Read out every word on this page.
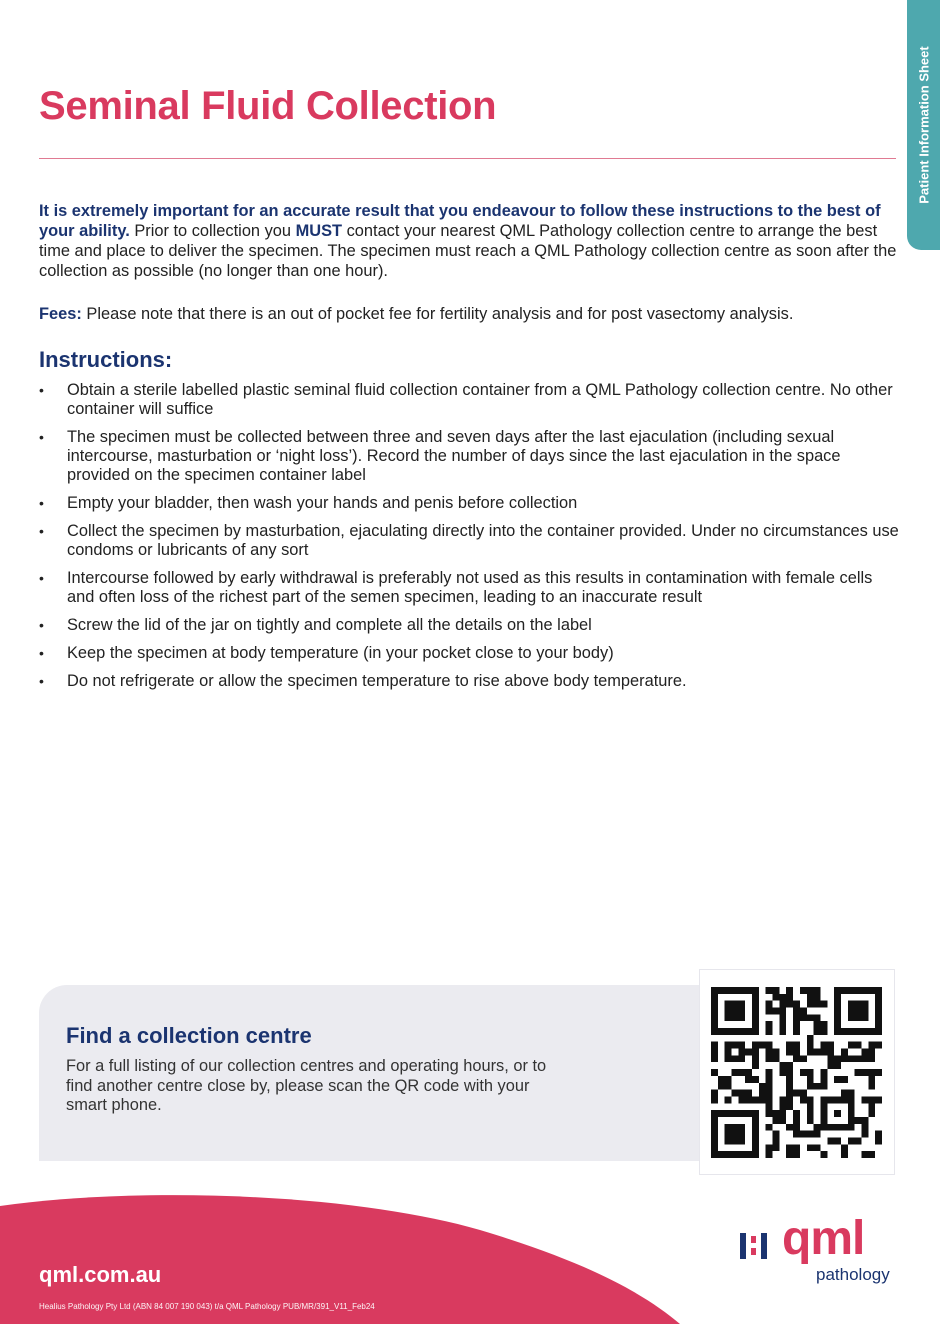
Patient Information Sheet
Seminal Fluid Collection

It is extremely important for an accurate result that you endeavour to follow these instructions to the best of your ability. Prior to collection you MUST contact your nearest QML Pathology collection centre to arrange the best time and place to deliver the specimen. The specimen must reach a QML Pathology collection centre as soon after the collection as possible (no longer than one hour).

Fees: Please note that there is an out of pocket fee for fertility analysis and for post vasectomy analysis.

Instructions:
• Obtain a sterile labelled plastic seminal fluid collection container from a QML Pathology collection centre. No other container will suffice
• The specimen must be collected between three and seven days after the last ejaculation (including sexual intercourse, masturbation or ‘night loss’). Record the number of days since the last ejaculation in the space provided on the specimen container label
• Empty your bladder, then wash your hands and penis before collection
• Collect the specimen by masturbation, ejaculating directly into the container provided. Under no circumstances use condoms or lubricants of any sort
• Intercourse followed by early withdrawal is preferably not used as this results in contamination with female cells and often loss of the richest part of the semen specimen, leading to an inaccurate result
• Screw the lid of the jar on tightly and complete all the details on the label
• Keep the specimen at body temperature (in your pocket close to your body)
• Do not refrigerate or allow the specimen temperature to rise above body temperature.
Find a collection centre

For a full listing of our collection centres and operating hours, or to find another centre close by, please scan the QR code with your smart phone.

qml.com.au

Healius Pathology Pty Ltd (ABN 84 007 190 043) t/a QML Pathology PUB/MR/391_V11_Feb24

qml
pathology
